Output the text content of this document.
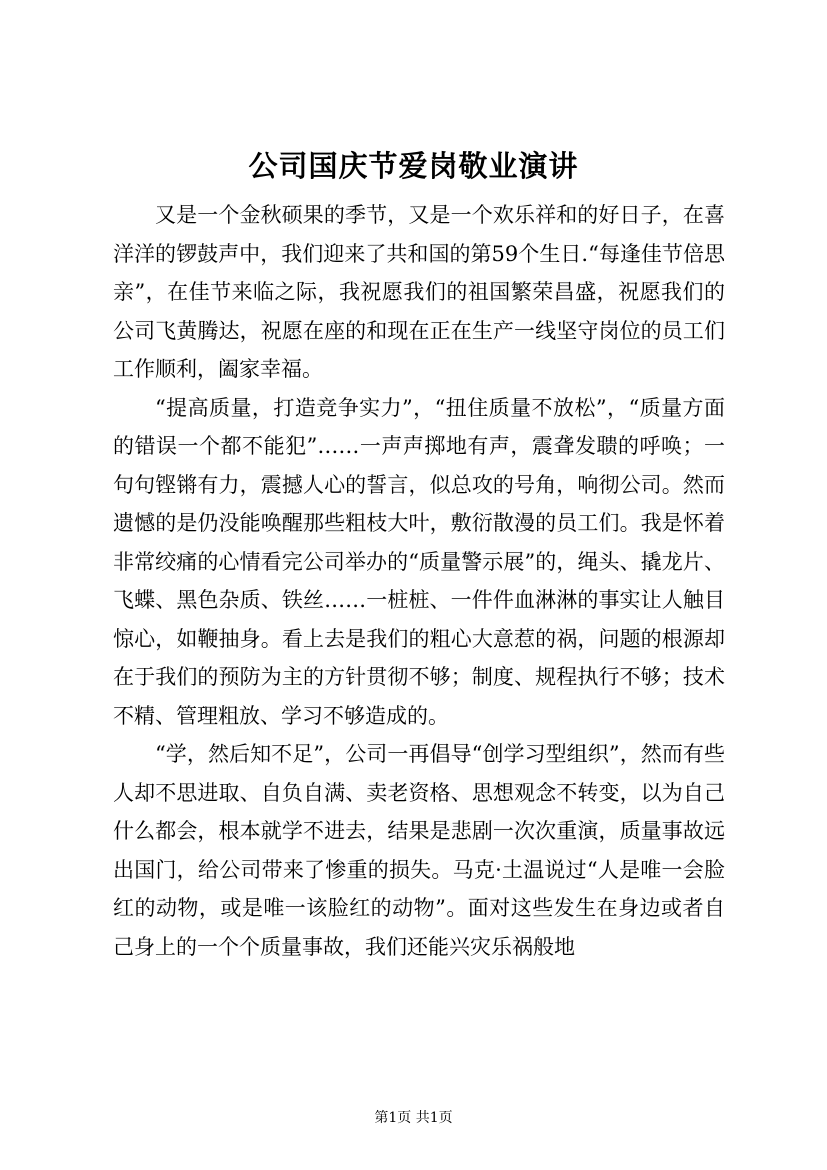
公司国庆节爱岗敬业演讲

又是一个金秋硕果的季节，又是一个欢乐祥和的好日子，在喜洋洋的锣鼓声中，我们迎来了共和国的第59个生日.“每逢佳节倍思亲”，在佳节来临之际，我祝愿我们的祖国繁荣昌盛，祝愿我们的公司飞黄腾达，祝愿在座的和现在正在生产一线坚守岗位的员工们工作顺利，阖家幸福。

“提高质量，打造竞争实力”，“扭住质量不放松”，“质量方面的错误一个都不能犯”……一声声掷地有声，震聋发聩的呼唤；一句句铿锵有力，震撼人心的誓言，似总攻的号角，响彻公司。然而遗憾的是仍没能唤醒那些粗枝大叶，敷衍散漫的员工们。我是怀着非常绞痛的心情看完公司举办的“质量警示展”的，绳头、撬龙片、飞蝶、黑色杂质、铁丝……一桩桩、一件件血淋淋的事实让人触目惊心，如鞭抽身。看上去是我们的粗心大意惹的祸，问题的根源却在于我们的预防为主的方针贯彻不够；制度、规程执行不够；技术不精、管理粗放、学习不够造成的。

“学，然后知不足”，公司一再倡导“创学习型组织”，然而有些人却不思进取、自负自满、卖老资格、思想观念不转变，以为自己什么都会，根本就学不进去，结果是悲剧一次次重演，质量事故远出国门，给公司带来了惨重的损失。马克·土温说过“人是唯一会脸红的动物，或是唯一该脸红的动物”。面对这些发生在身边或者自己身上的一个个质量事故，我们还能兴灾乐祸般地

第1页 共1页
